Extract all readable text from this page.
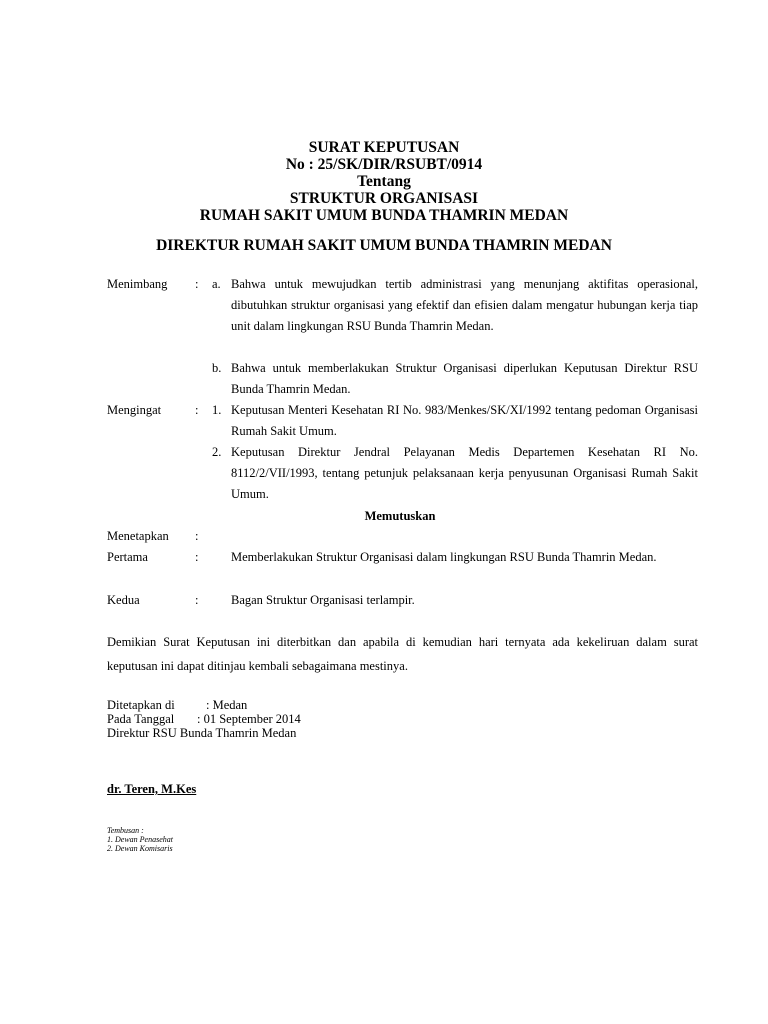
SURAT KEPUTUSAN
No : 25/SK/DIR/RSUBT/0914
Tentang
STRUKTUR ORGANISASI
RUMAH SAKIT UMUM BUNDA THAMRIN MEDAN
DIREKTUR RUMAH SAKIT UMUM BUNDA THAMRIN MEDAN
Menimbang : a. Bahwa untuk mewujudkan tertib administrasi yang menunjang aktifitas operasional, dibutuhkan struktur organisasi yang efektif dan efisien dalam mengatur hubungan kerja tiap unit dalam lingkungan RSU Bunda Thamrin Medan.
b. Bahwa untuk memberlakukan Struktur Organisasi diperlukan Keputusan Direktur RSU Bunda Thamrin Medan.
Mengingat	: 1. Keputusan Menteri Kesehatan RI No. 983/Menkes/SK/XI/1992 tentang pedoman Organisasi Rumah Sakit Umum.
2. Keputusan Direktur Jendral Pelayanan Medis Departemen Kesehatan RI No. 8112/2/VII/1993, tentang petunjuk pelaksanaan kerja penyusunan Organisasi Rumah Sakit Umum.
Memutuskan
Menetapkan :
Pertama	:	Memberlakukan Struktur Organisasi dalam lingkungan RSU Bunda Thamrin Medan.
Kedua	:	Bagan Struktur Organisasi terlampir.
Demikian Surat Keputusan ini diterbitkan dan apabila di kemudian hari ternyata ada kekeliruan dalam surat keputusan ini dapat ditinjau kembali sebagaimana mestinya.
Ditetapkan di	: Medan
Pada Tanggal : 01 September 2014
Direktur RSU Bunda Thamrin Medan
dr. Teren, M.Kes
Tembusan :
1. Dewan Penasehat
2. Dewan Komisaris
